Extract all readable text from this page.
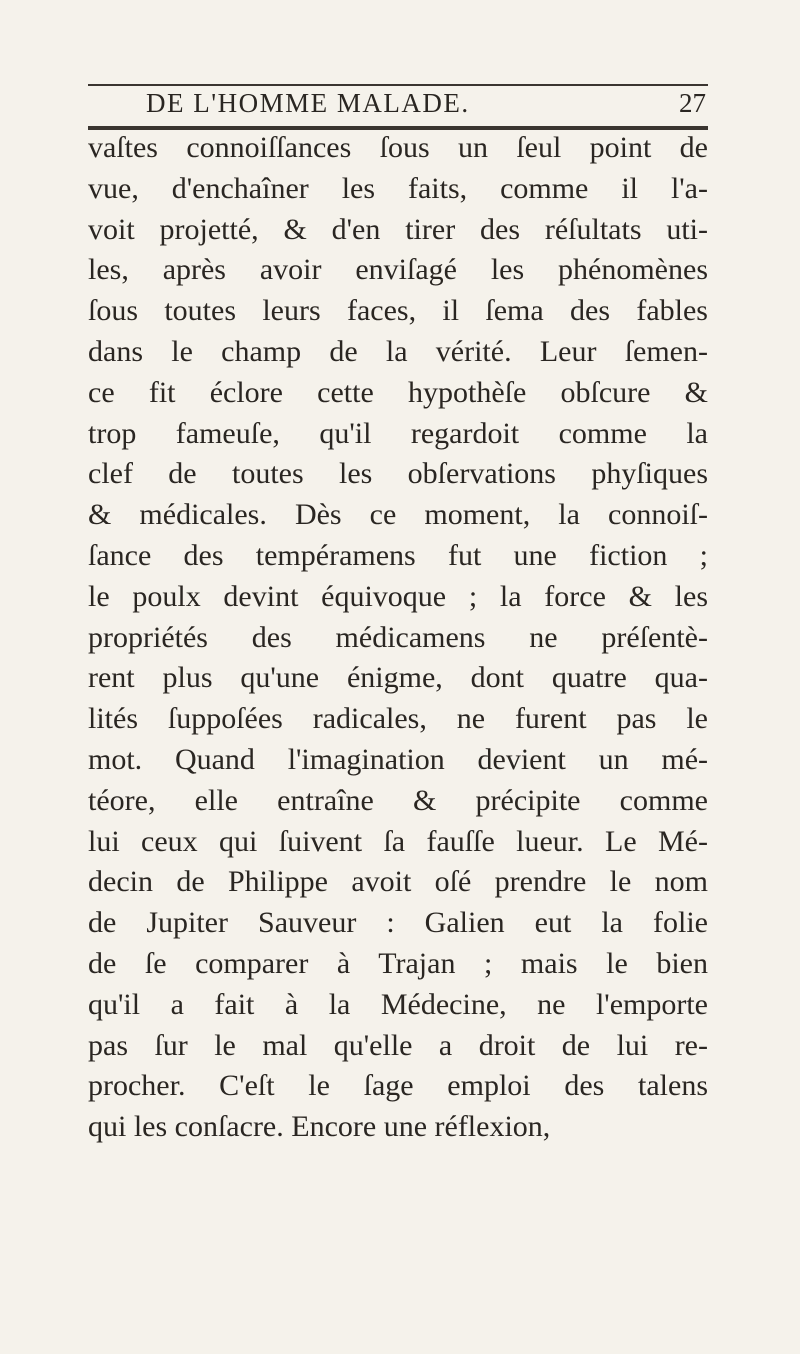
DE L'HOMME MALADE.	27
vaſtes connoiſſances ſous un ſeul point de
vue, d'enchaîner les faits, comme il l'a-
voit projetté, & d'en tirer des réſultats uti-
les, après avoir enviſagé les phénomènes
ſous toutes leurs faces, il ſema des fables
dans le champ de la vérité. Leur ſemen-
ce fit éclore cette hypothèſe obſcure &
trop fameuſe, qu'il regardoit comme la
clef de toutes les obſervations phyſiques
& médicales. Dès ce moment, la connoiſ-
ſance des tempéramens fut une fiction ;
le poulx devint équivoque ; la force & les
propriétés des médicamens ne préſentè-
rent plus qu'une énigme, dont quatre qua-
lités ſuppoſées radicales, ne furent pas le
mot. Quand l'imagination devient un mé-
téore, elle entraîne & précipite comme
lui ceux qui ſuivent ſa fauſſe lueur. Le Mé-
decin de Philippe avoit oſé prendre le nom
de Jupiter Sauveur : Galien eut la folie
de ſe comparer à Trajan ; mais le bien
qu'il a fait à la Médecine, ne l'emporte
pas ſur le mal qu'elle a droit de lui re-
procher. C'eſt le ſage emploi des talens
qui les conſacre. Encore une réflexion,
